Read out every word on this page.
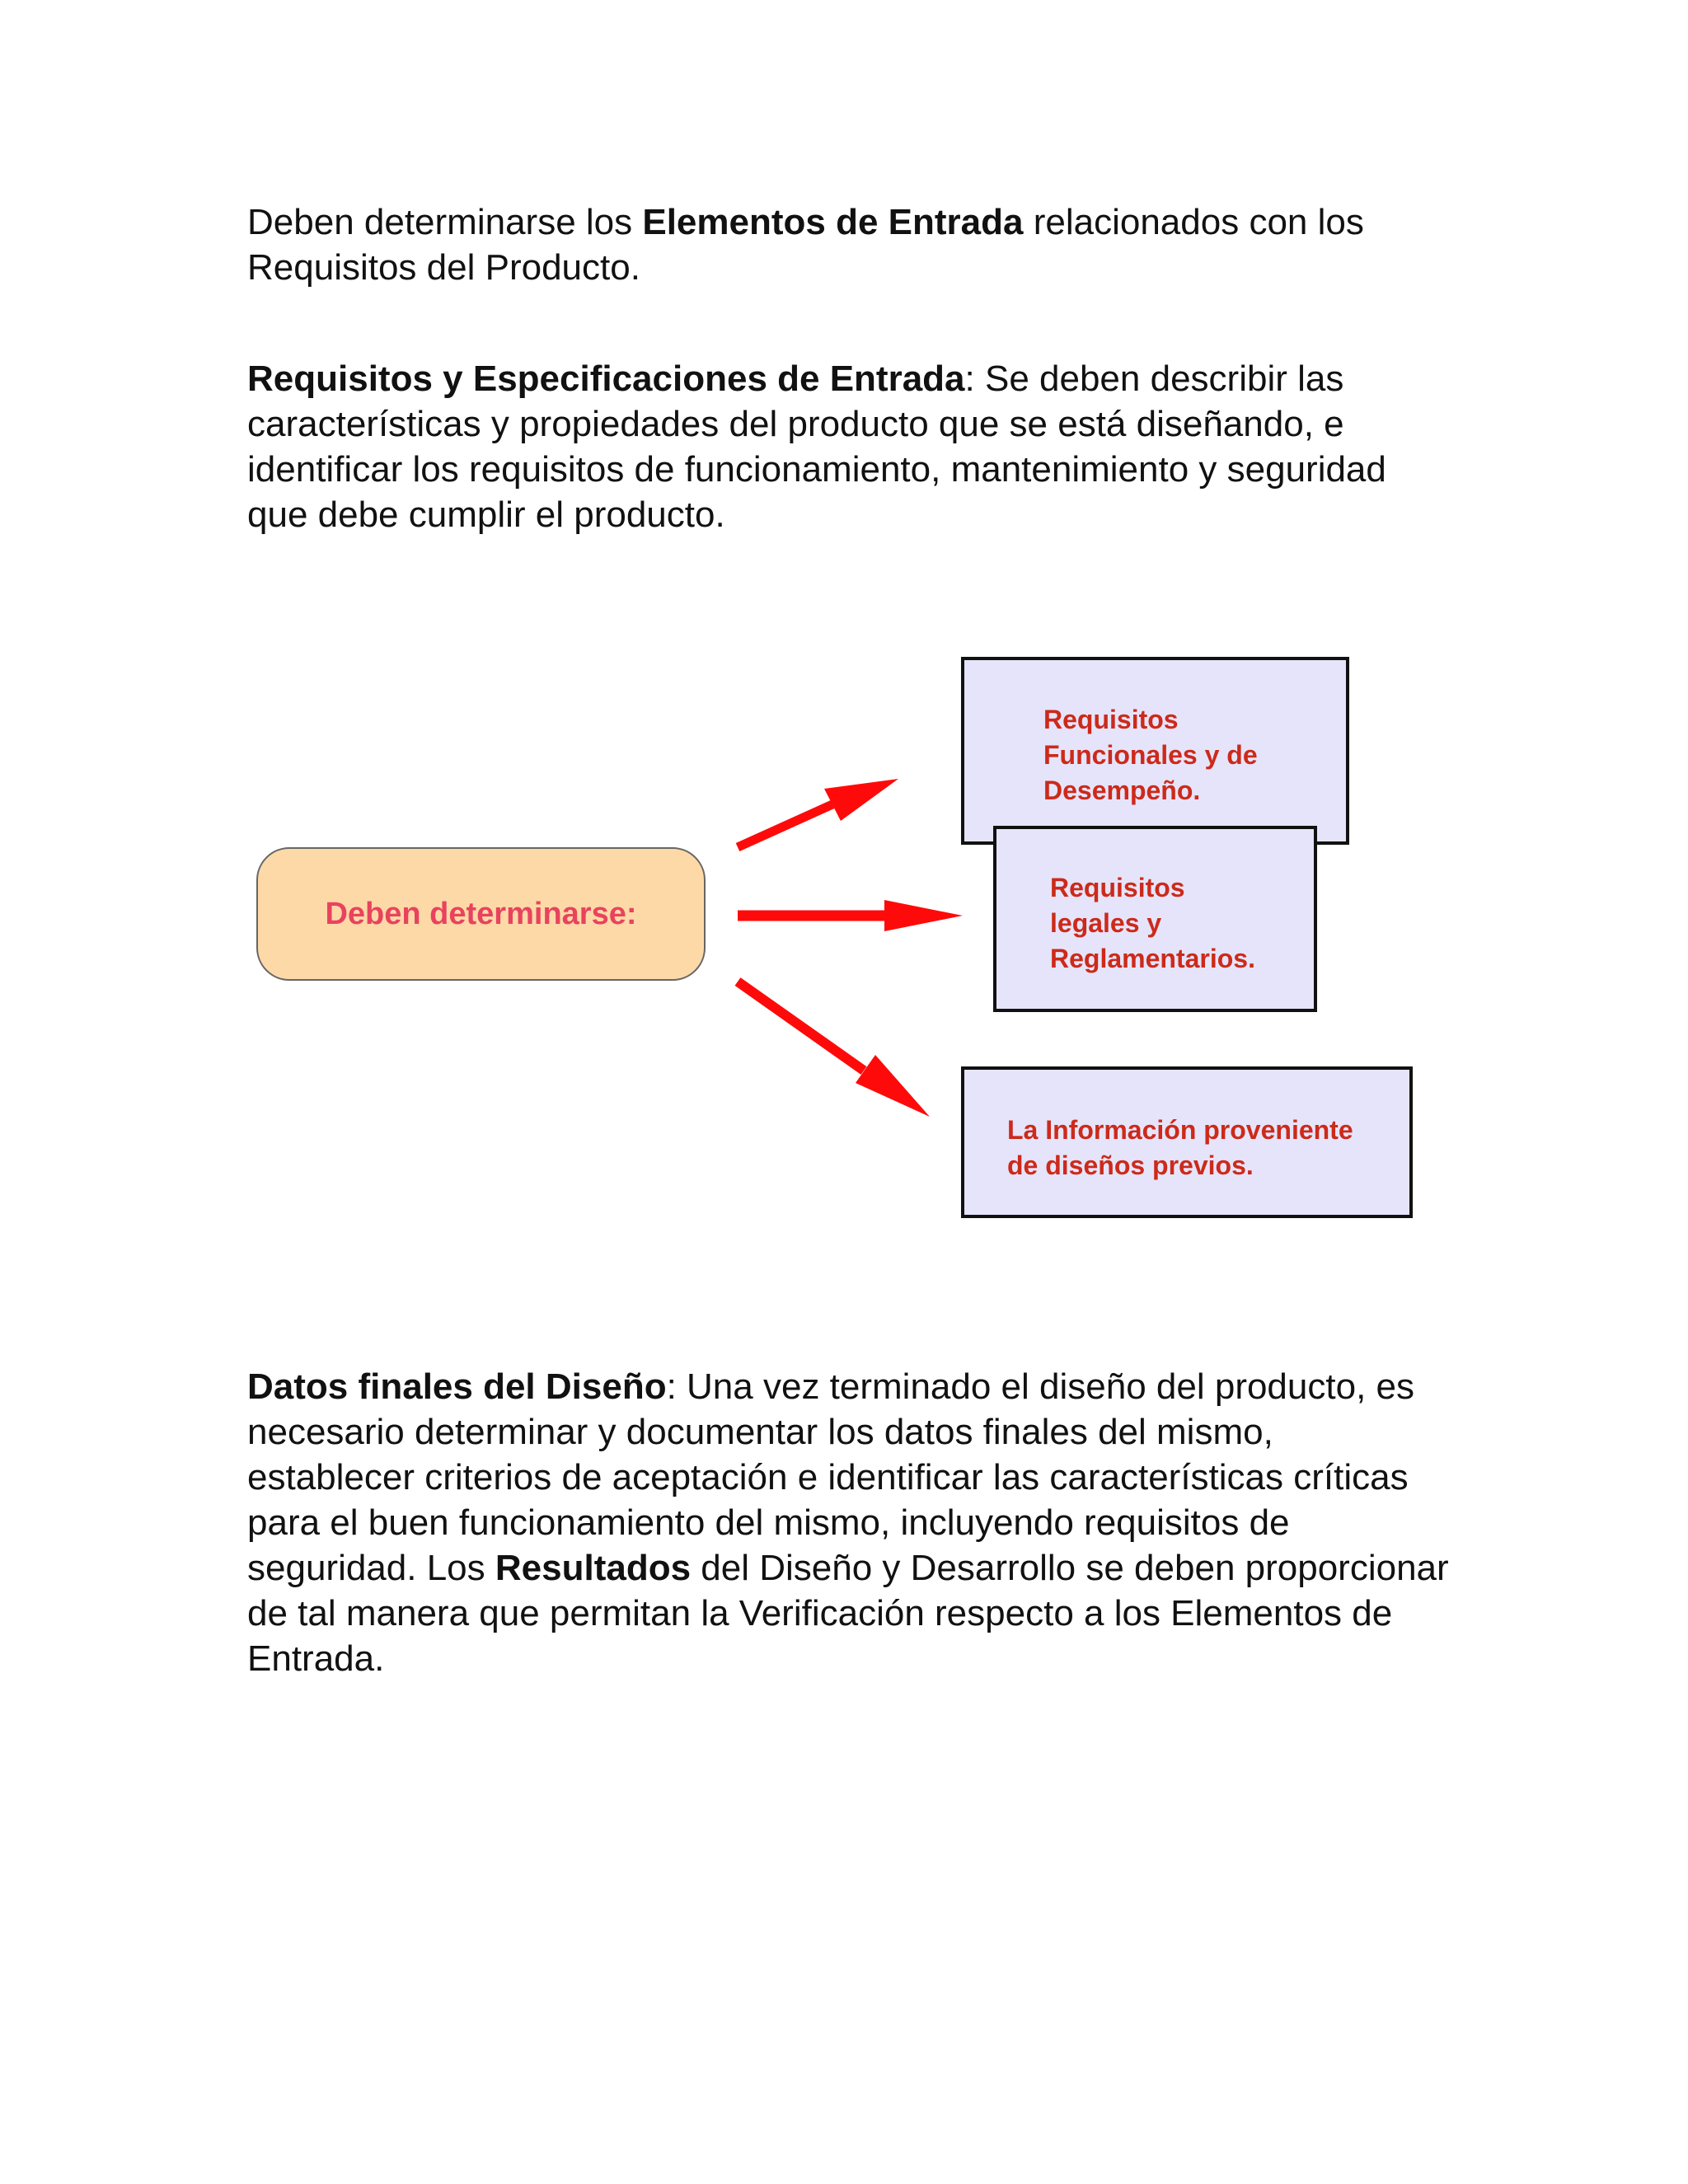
Deben determinarse los Elementos de Entrada relacionados con los Requisitos del Producto.

Requisitos y Especificaciones de Entrada: Se deben describir las características y propiedades del producto que se está diseñando, e identificar los requisitos de funcionamiento, mantenimiento y seguridad que debe cumplir el producto.

Deben determinarse:
Requisitos
Funcionales y de
Desempeño.
Requisitos
legales y
Reglamentarios.
La Información proveniente
de diseños previos.

Datos finales del Diseño: Una vez terminado el diseño del producto, es necesario determinar y documentar los datos finales del mismo, establecer criterios de aceptación e identificar las características críticas para el buen funcionamiento del mismo, incluyendo requisitos de seguridad. Los Resultados del Diseño y Desarrollo se deben proporcionar de tal manera que permitan la Verificación respecto a los Elementos de Entrada.
